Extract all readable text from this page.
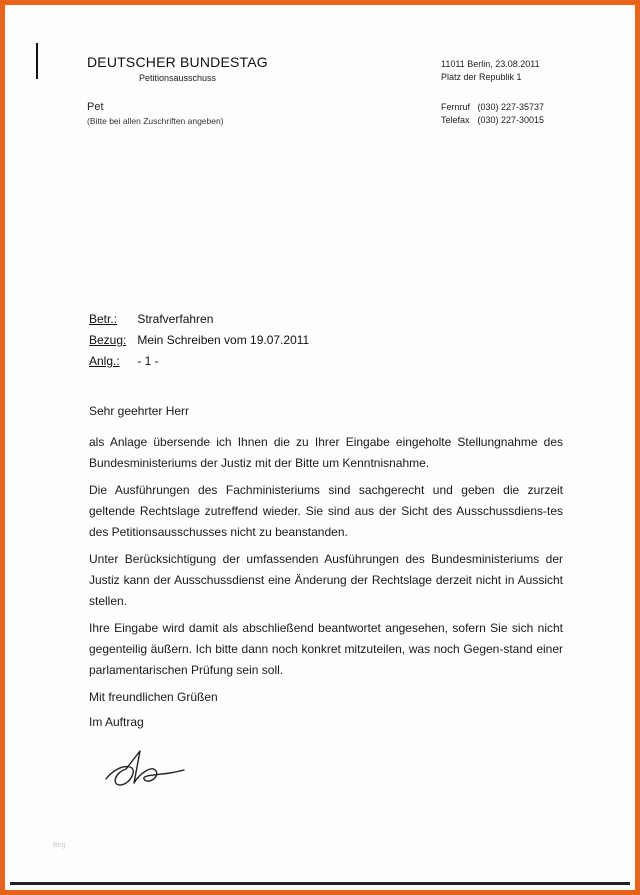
DEUTSCHER BUNDESTAG
Petitionsausschuss
Pet
(Bitte bei allen Zuschriften angeben)
11011 Berlin, 23.08.2011
Platz der Republik 1
Fernruf (030) 227-35737
Telefax (030) 227-30015
Betr.: Strafverfahren
Bezug: Mein Schreiben vom 19.07.2011
Anlg.: - 1 -

Sehr geehrter Herr

als Anlage übersende ich Ihnen die zu Ihrer Eingabe eingeholte Stellungnahme des Bundesministeriums der Justiz mit der Bitte um Kenntnisnahme.

Die Ausführungen des Fachministeriums sind sachgerecht und geben die zurzeit geltende Rechtslage zutreffend wieder. Sie sind aus der Sicht des Ausschussdiens-tes des Petitionsausschusses nicht zu beanstanden.

Unter Berücksichtigung der umfassenden Ausführungen des Bundesministeriums der Justiz kann der Ausschussdienst eine Änderung der Rechtslage derzeit nicht in Aussicht stellen.

Ihre Eingabe wird damit als abschließend beantwortet angesehen, sofern Sie sich nicht gegenteilig äußern. Ich bitte dann noch konkret mitzuteilen, was noch Gegen-stand einer parlamentarischen Prüfung sein soll.

Mit freundlichen Grüßen

Im Auftrag

Beg
